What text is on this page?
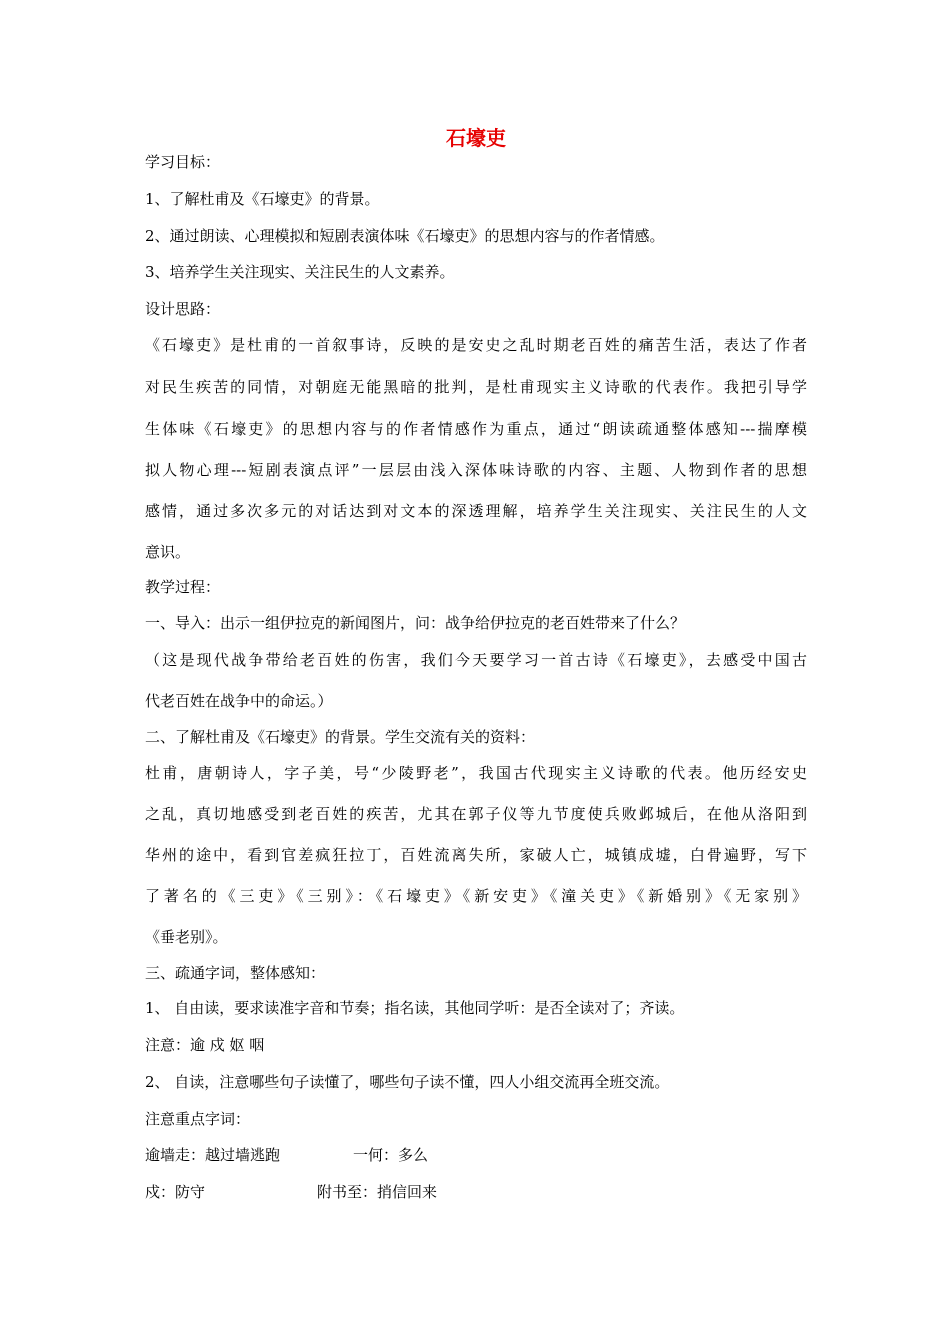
石壕吏
学习目标：
1、了解杜甫及《石壕吏》的背景。
2、通过朗读、心理模拟和短剧表演体味《石壕吏》的思想内容与的作者情感。
3、培养学生关注现实、关注民生的人文素养。
设计思路：
《石壕吏》是杜甫的一首叙事诗，反映的是安史之乱时期老百姓的痛苦生活，表达了作者
对民生疾苦的同情，对朝庭无能黑暗的批判，是杜甫现实主义诗歌的代表作。我把引导学
生体味《石壕吏》的思想内容与的作者情感作为重点，通过“朗读疏通整体感知---揣摩模
拟人物心理---短剧表演点评”一层层由浅入深体味诗歌的内容、主题、人物到作者的思想
感情，通过多次多元的对话达到对文本的深透理解，培养学生关注现实、关注民生的人文
意识。
教学过程：
一、导入：出示一组伊拉克的新闻图片，问：战争给伊拉克的老百姓带来了什么？
（这是现代战争带给老百姓的伤害，我们今天要学习一首古诗《石壕吏》，去感受中国古
代老百姓在战争中的命运。）
二、了解杜甫及《石壕吏》的背景。学生交流有关的资料：
杜甫，唐朝诗人，字子美，号“少陵野老”，我国古代现实主义诗歌的代表。他历经安史
之乱，真切地感受到老百姓的疾苦，尤其在郭子仪等九节度使兵败邺城后，在他从洛阳到
华州的途中，看到官差疯狂拉丁，百姓流离失所，家破人亡，城镇成墟，白骨遍野，写下
了著名的《三吏》《三别》：《石壕吏》《新安吏》《潼关吏》《新婚别》《无家别》
《垂老别》。
三、疏通字词，整体感知：
1、 自由读，要求读准字音和节奏；指名读，其他同学听：是否全读对了；齐读。
注意：逾 戍 妪 咽
2、 自读，注意哪些句子读懂了，哪些句子读不懂，四人小组交流再全班交流。
注意重点字词：
逾墙走：越过墙逃跑	一何：多么
戍：防守	附书至：捎信回来
